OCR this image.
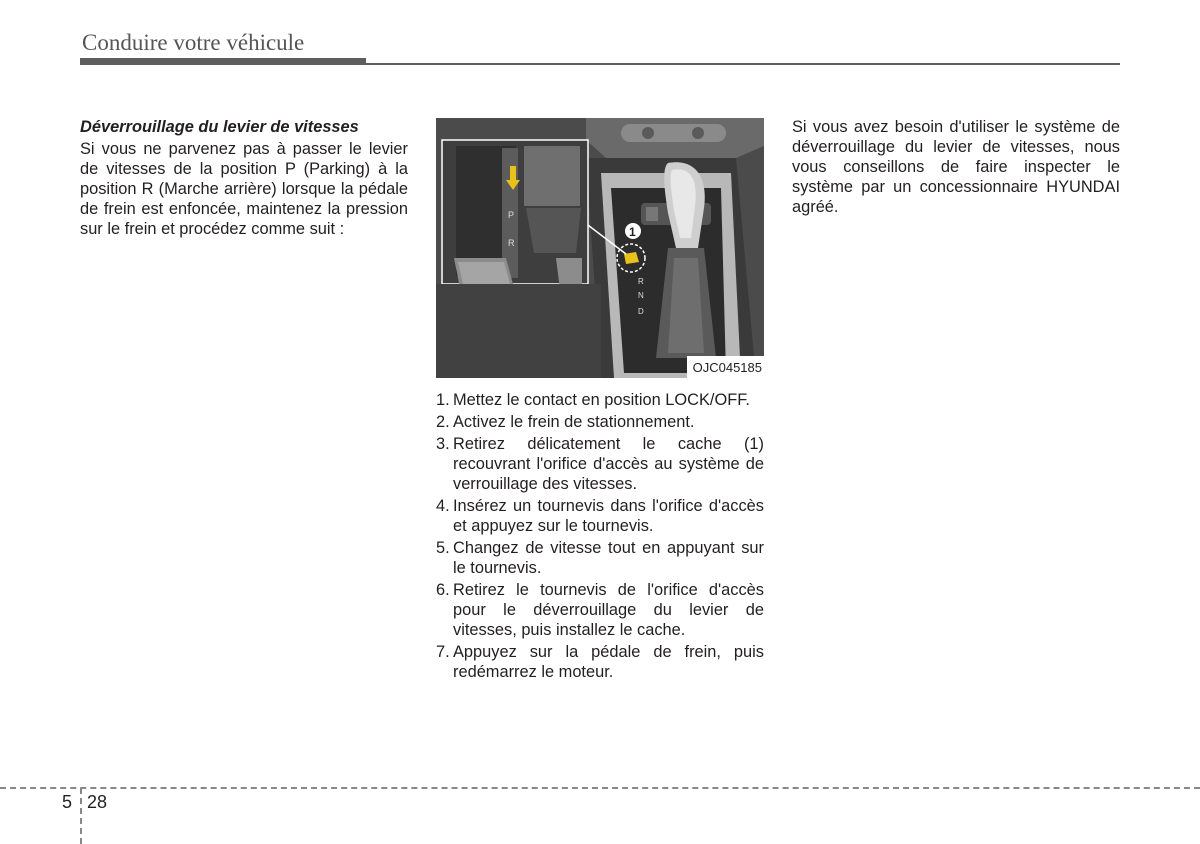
Conduire votre véhicule

Déverrouillage du levier de vitesses

Si vous ne parvenez pas à passer le levier de vitesses de la position P (Parking) à la position R (Marche arrière) lorsque la pédale de frein est enfoncée, maintenez la pression sur le frein et procédez comme suit :

R
N
D
1
P
R
OJC045185
1. Mettez le contact en position LOCK/OFF.
2. Activez le frein de stationnement.
3. Retirez délicatement le cache (1) recouvrant l'orifice d'accès au système de verrouillage des vitesses.
4. Insérez un tournevis dans l'orifice d'accès et appuyez sur le tournevis.
5. Changez de vitesse tout en appuyant sur le tournevis.
6. Retirez le tournevis de l'orifice d'accès pour le déverrouillage du levier de vitesses, puis installez le cache.
7. Appuyez sur la pédale de frein, puis redémarrez le moteur.

Si vous avez besoin d'utiliser le système de déverrouillage du levier de vitesses, nous vous conseillons de faire inspecter le système par un concessionnaire HYUNDAI agréé.

5 28
